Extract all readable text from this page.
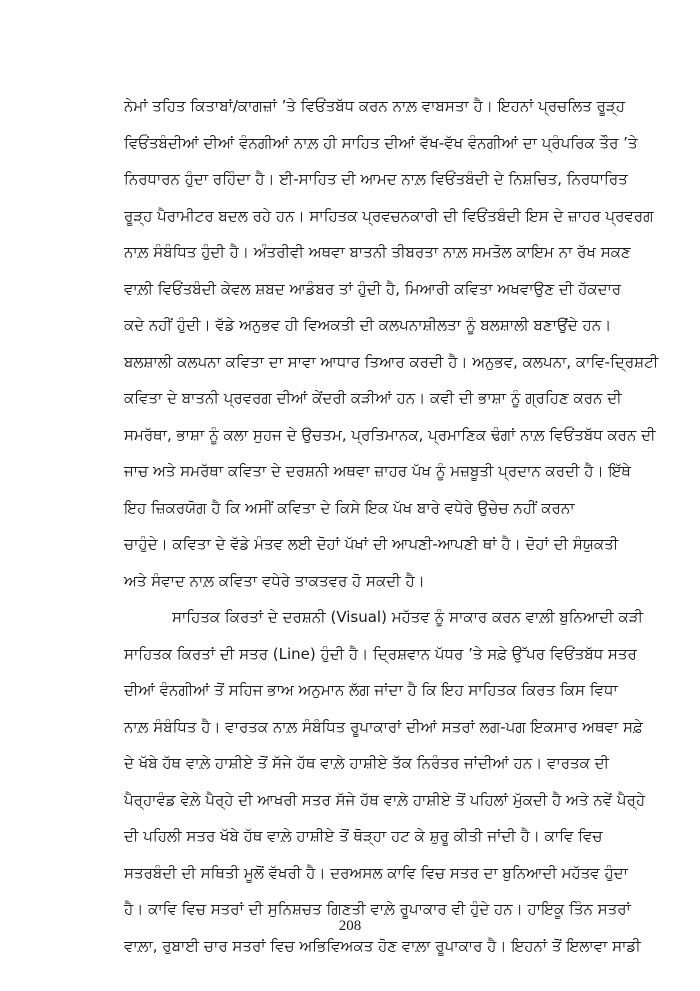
ਨੇਮਾਂ ਤਹਿਤ ਕਿਤਾਬਾਂ/ਕਾਗਜ਼ਾਂ ’ਤੇ ਵਿਓਂਤਬੱਧ ਕਰਨ ਨਾਲ਼ ਵਾਬਸਤਾ ਹੈ। ਇਹਨਾਂ ਪ੍ਰਚਲਿਤ ਰੂੜ੍ਹ
ਵਿਓਂਤਬੰਦੀਆਂ ਦੀਆਂ ਵੰਨਗੀਆਂ ਨਾਲ਼ ਹੀ ਸਾਹਿਤ ਦੀਆਂ ਵੱਖ-ਵੱਖ ਵੰਨਗੀਆਂ ਦਾ ਪ੍ਰੰਪਰਿਕ ਤੌਰ ’ਤੇ
ਨਿਰਧਾਰਨ ਹੁੰਦਾ ਰਹਿੰਦਾ ਹੈ। ਈ-ਸਾਹਿਤ ਦੀ ਆਮਦ ਨਾਲ਼ ਵਿਓਂਤਬੰਦੀ ਦੇ ਨਿਸ਼ਚਿਤ, ਨਿਰਧਾਰਿਤ
ਰੂੜ੍ਹ ਪੈਰਾਮੀਟਰ ਬਦਲ ਰਹੇ ਹਨ। ਸਾਹਿਤਕ ਪ੍ਰਵਚਨਕਾਰੀ ਦੀ ਵਿਓਂਤਬੰਦੀ ਇਸ ਦੇ ਜ਼ਾਹਰ ਪ੍ਰਵਰਗ
ਨਾਲ਼ ਸੰਬੰਧਿਤ ਹੁੰਦੀ ਹੈ। ਅੰਤਰੀਵੀ ਅਥਵਾ ਬਾਤਨੀ ਤੀਬਰਤਾ ਨਾਲ਼ ਸਮਤੋਲ ਕਾਇਮ ਨਾ ਰੱਖ ਸਕਣ
ਵਾਲ਼ੀ ਵਿਓਂਤਬੰਦੀ ਕੇਵਲ ਸ਼ਬਦ ਆਡੰਬਰ ਤਾਂ ਹੁੰਦੀ ਹੈ, ਮਿਆਰੀ ਕਵਿਤਾ ਅਖਵਾਉਣ ਦੀ ਹੱਕਦਾਰ
ਕਦੇ ਨਹੀਂ ਹੁੰਦੀ। ਵੱਡੇ ਅਨੁਭਵ ਹੀ ਵਿਅਕਤੀ ਦੀ ਕਲਪਨਾਸ਼ੀਲਤਾ ਨੂੰ ਬਲਸ਼ਾਲੀ ਬਣਾਉਂਦੇ ਹਨ।
ਬਲਸ਼ਾਲੀ ਕਲਪਨਾ ਕਵਿਤਾ ਦਾ ਸਾਵਾ ਆਧਾਰ ਤਿਆਰ ਕਰਦੀ ਹੈ। ਅਨੁਭਵ, ਕਲਪਨਾ, ਕਾਵਿ-ਦ੍ਰਿਸ਼ਟੀ
ਕਵਿਤਾ ਦੇ ਬਾਤਨੀ ਪ੍ਰਵਰਗ ਦੀਆਂ ਕੇਂਦਰੀ ਕੜੀਆਂ ਹਨ। ਕਵੀ ਦੀ ਭਾਸ਼ਾ ਨੂੰ ਗ੍ਰਹਿਣ ਕਰਨ ਦੀ
ਸਮਰੱਥਾ, ਭਾਸ਼ਾ ਨੂੰ ਕਲਾ ਸੁਹਜ ਦੇ ਉਚਤਮ, ਪ੍ਰਤਿਮਾਨਕ, ਪ੍ਰਮਾਣਿਕ ਢੰਗਾਂ ਨਾਲ਼ ਵਿਓਂਤਬੱਧ ਕਰਨ ਦੀ
ਜਾਚ ਅਤੇ ਸਮਰੱਥਾ ਕਵਿਤਾ ਦੇ ਦਰਸ਼ਨੀ ਅਥਵਾ ਜ਼ਾਹਰ ਪੱਖ ਨੂੰ ਮਜ਼ਬੂਤੀ ਪ੍ਰਦਾਨ ਕਰਦੀ ਹੈ। ਇੱਥੇ
ਇਹ ਜ਼ਿਕਰਯੋਗ ਹੈ ਕਿ ਅਸੀਂ ਕਵਿਤਾ ਦੇ ਕਿਸੇ ਇਕ ਪੱਖ ਬਾਰੇ ਵਧੇਰੇ ਉਚੇਚ ਨਹੀਂ ਕਰਨਾ
ਚਾਹੁੰਦੇ। ਕਵਿਤਾ ਦੇ ਵੱਡੇ ਮੰਤਵ ਲਈ ਦੋਹਾਂ ਪੱਖਾਂ ਦੀ ਆਪਣੀ-ਆਪਣੀ ਥਾਂ ਹੈ। ਦੋਹਾਂ ਦੀ ਸੰਯੁਕਤੀ
ਅਤੇ ਸੰਵਾਦ ਨਾਲ਼ ਕਵਿਤਾ ਵਧੇਰੇ ਤਾਕਤਵਰ ਹੋ ਸਕਦੀ ਹੈ।
ਸਾਹਿਤਕ ਕਿਰਤਾਂ ਦੇ ਦਰਸ਼ਨੀ (Visual) ਮਹੱਤਵ ਨੂੰ ਸਾਕਾਰ ਕਰਨ ਵਾਲ਼ੀ ਬੁਨਿਆਦੀ ਕੜੀ
ਸਾਹਿਤਕ ਕਿਰਤਾਂ ਦੀ ਸਤਰ (Line) ਹੁੰਦੀ ਹੈ। ਦ੍ਰਿਸ਼ਵਾਨ ਪੱਧਰ ’ਤੇ ਸਫ਼ੇ ਉੱਪਰ ਵਿਓਂਤਬੱਧ ਸਤਰ
ਦੀਆਂ ਵੰਨਗੀਆਂ ਤੋਂ ਸਹਿਜ ਭਾਅ ਅਨੁਮਾਨ ਲੱਗ ਜਾਂਦਾ ਹੈ ਕਿ ਇਹ ਸਾਹਿਤਕ ਕਿਰਤ ਕਿਸ ਵਿਧਾ
ਨਾਲ਼ ਸੰਬੰਧਿਤ ਹੈ। ਵਾਰਤਕ ਨਾਲ਼ ਸੰਬੰਧਿਤ ਰੂਪਾਕਾਰਾਂ ਦੀਆਂ ਸਤਰਾਂ ਲਗ-ਪਗ ਇਕਸਾਰ ਅਥਵਾ ਸਫ਼ੇ
ਦੇ ਖੱਬੇ ਹੱਥ ਵਾਲ਼ੇ ਹਾਸ਼ੀਏ ਤੋਂ ਸੱਜੇ ਹੱਥ ਵਾਲ਼ੇ ਹਾਸ਼ੀਏ ਤੱਕ ਨਿਰੰਤਰ ਜਾਂਦੀਆਂ ਹਨ। ਵਾਰਤਕ ਦੀ
ਪੈਰ੍ਹਾਵੰਡ ਵੇਲ਼ੇ ਪੈਰ੍ਹੇ ਦੀ ਆਖਰੀ ਸਤਰ ਸੱਜੇ ਹੱਥ ਵਾਲ਼ੇ ਹਾਸ਼ੀਏ ਤੋਂ ਪਹਿਲਾਂ ਮੁੱਕਦੀ ਹੈ ਅਤੇ ਨਵੇਂ ਪੈਰ੍ਹੇ
ਦੀ ਪਹਿਲੀ ਸਤਰ ਖੱਬੇ ਹੱਥ ਵਾਲ਼ੇ ਹਾਸ਼ੀਏ ਤੋਂ ਥੋੜ੍ਹਾ ਹਟ ਕੇ ਸ਼ੁਰੂ ਕੀਤੀ ਜਾਂਦੀ ਹੈ। ਕਾਵਿ ਵਿਚ
ਸਤਰਬੰਦੀ ਦੀ ਸਥਿਤੀ ਮੂਲੋਂ ਵੱਖਰੀ ਹੈ। ਦਰਅਸਲ ਕਾਵਿ ਵਿਚ ਸਤਰ ਦਾ ਬੁਨਿਆਦੀ ਮਹੱਤਵ ਹੁੰਦਾ
ਹੈ। ਕਾਵਿ ਵਿਚ ਸਤਰਾਂ ਦੀ ਸੁਨਿਸ਼ਚਤ ਗਿਣਤੀ ਵਾਲ਼ੇ ਰੂਪਾਕਾਰ ਵੀ ਹੁੰਦੇ ਹਨ। ਹਾਇਕੂ ਤਿੰਨ ਸਤਰਾਂ
ਵਾਲ਼ਾ, ਰੁਬਾਈ ਚਾਰ ਸਤਰਾਂ ਵਿਚ ਅਭਿਵਿਅਕਤ ਹੋਣ ਵਾਲ਼ਾ ਰੂਪਾਕਾਰ ਹੈ। ਇਹਨਾਂ ਤੋਂ ਇਲਾਵਾ ਸਾਡੀ
208
